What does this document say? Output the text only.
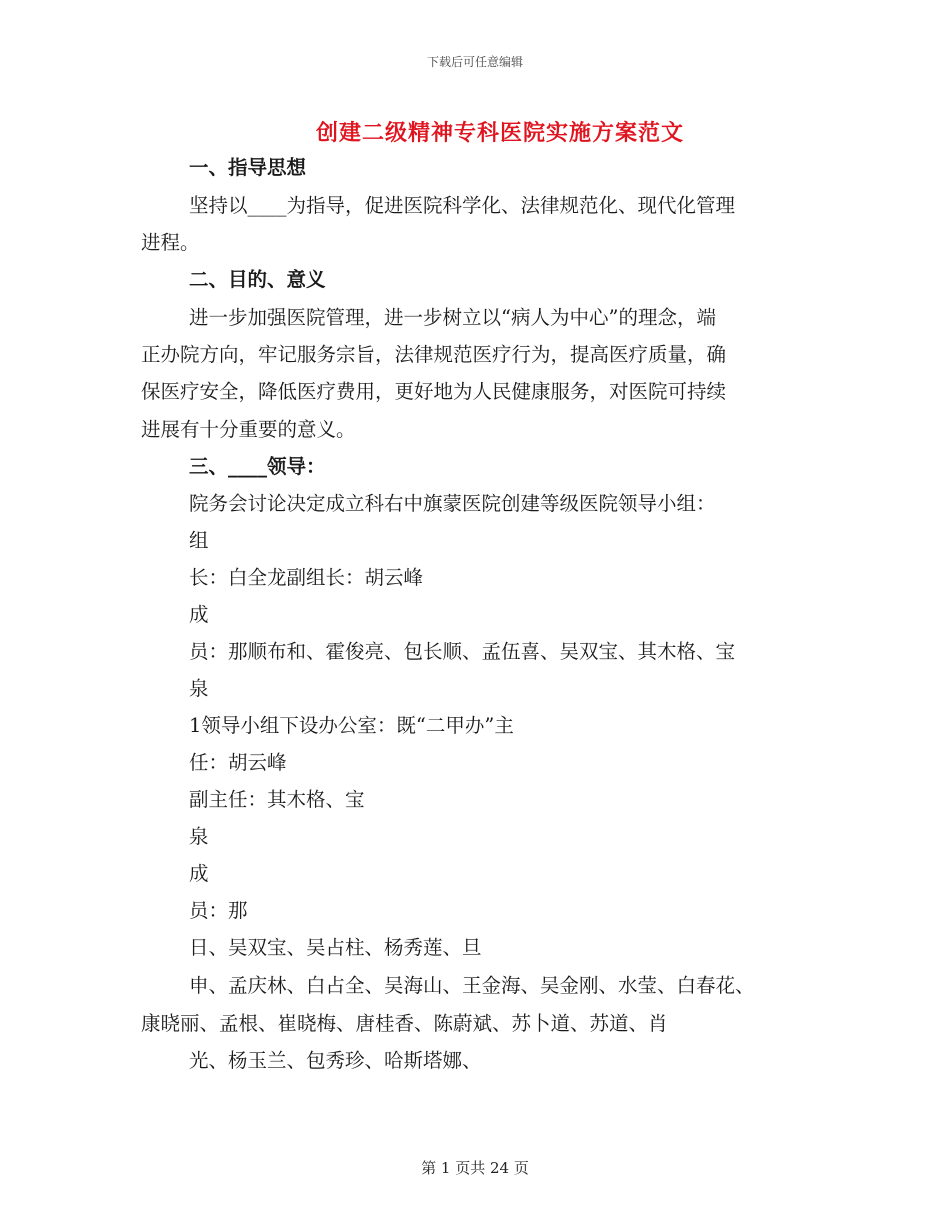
下载后可任意编辑
创建二级精神专科医院实施方案范文
一、指导思想
坚持以____为指导，促进医院科学化、法律规范化、现代化管理
进程。
二、目的、意义
进一步加强医院管理，进一步树立以“病人为中心”的理念，端
正办院方向，牢记服务宗旨，法律规范医疗行为，提高医疗质量，确
保医疗安全，降低医疗费用，更好地为人民健康服务，对医院可持续
进展有十分重要的意义。
三、____领导：
院务会讨论决定成立科右中旗蒙医院创建等级医院领导小组：
组
长：白全龙副组长：胡云峰
成
员：那顺布和、霍俊亮、包长顺、孟伍喜、吴双宝、其木格、宝
泉
1领导小组下设办公室：既“二甲办”主
任：胡云峰
副主任：其木格、宝
泉
成
员：那
日、吴双宝、吴占柱、杨秀莲、旦
申、孟庆林、白占全、吴海山、王金海、吴金刚、水莹、白春花、
康晓丽、孟根、崔晓梅、唐桂香、陈蔚斌、苏卜道、苏道、肖
光、杨玉兰、包秀珍、哈斯塔娜、
第 1 页共 24 页
